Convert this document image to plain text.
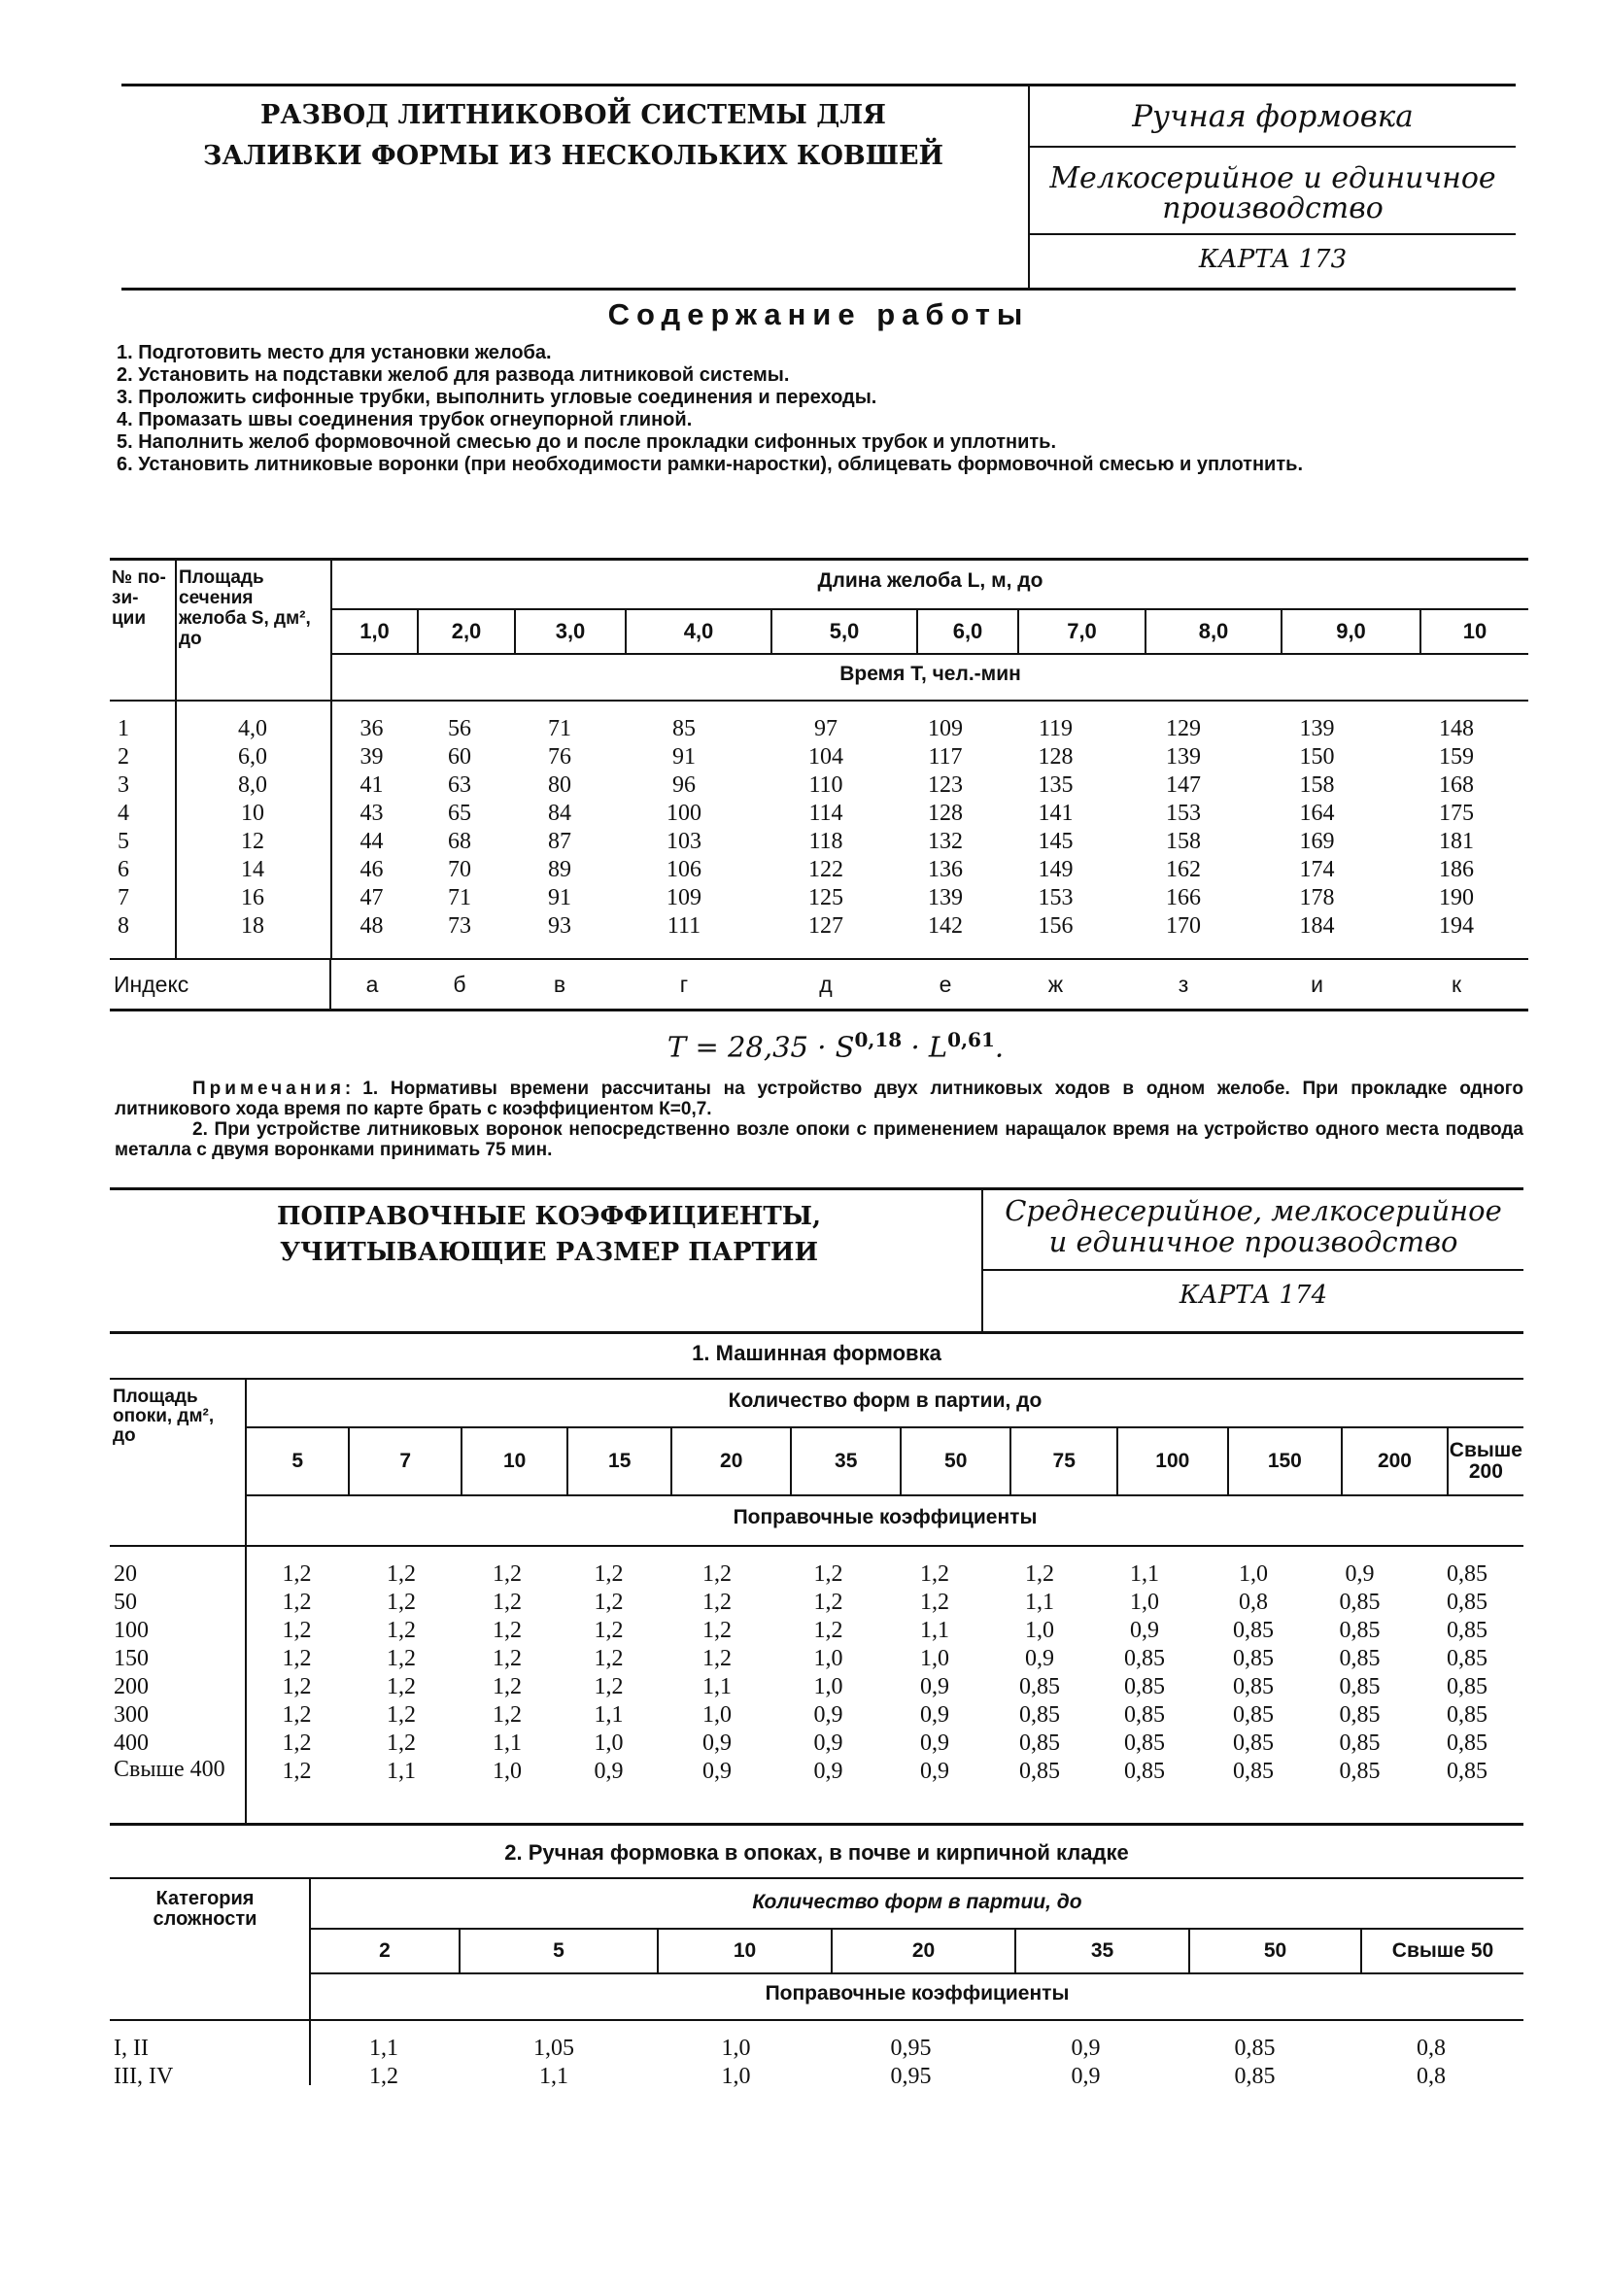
РАЗВОД ЛИТНИКОВОЙ СИСТЕМЫ ДЛЯ
ЗАЛИВКИ ФОРМЫ ИЗ НЕСКОЛЬКИХ КОВШЕЙ
Ручная формовка
Мелкосерийное и единичное производство
КАРТА 173
Содержание работы
1. Подготовить место для установки желоба.
2. Установить на подставки желоб для развода литниковой системы.
3. Проложить сифонные трубки, выполнить угловые соединения и переходы.
4. Промазать швы соединения трубок огнеупорной глиной.
5. Наполнить желоб формовочной смесью до и после прокладки сифонных трубок и уплотнить.
6. Установить литниковые воронки (при необходимости рамки-наростки), облицевать формовочной смесью и уплотнить.
№ по-зи-ции
Площадь сечения желоба S, дм², до
Длина желоба L, м, до
1,0	2,0	3,0	4,0	5,0	6,0	7,0	8,0	9,0	10
Время Т, чел.-мин
1	4,0	36	56	71	85	97	109	119	129	139	148
2	6,0	39	60	76	91	104	117	128	139	150	159
3	8,0	41	63	80	96	110	123	135	147	158	168
4	10	43	65	84	100	114	128	141	153	164	175
5	12	44	68	87	103	118	132	145	158	169	181
6	14	46	70	89	106	122	136	149	162	174	186
7	16	47	71	91	109	125	139	153	166	178	190
8	18	48	73	93	111	127	142	156	170	184	194
Индекс	а	б	в	г	д	е	ж	з	и	к
T = 28,35 · S$^{0,18}$ · L$^{0,61}$.
Примечания: 1. Нормативы времени рассчитаны на устройство двух литниковых ходов в одном желобе. При прокладке одного литникового хода время по карте брать с коэффициентом К=0,7.
2. При устройстве литниковых воронок непосредственно возле опоки с применением наращалок время на устройство одного места подвода металла с двумя воронками принимать 75 мин.
ПОПРАВОЧНЫЕ КОЭФФИЦИЕНТЫ,
УЧИТЫВАЮЩИЕ РАЗМЕР ПАРТИИ
Среднесерийное, мелкосерийное
и единичное производство
КАРТА 174
1. Машинная формовка
Площадь опоки, дм², до
Количество форм в партии, до
5	7	10	15	20	35	50	75	100	150	200	Свыше 200
Поправочные коэффициенты
20	1,2	1,2	1,2	1,2	1,2	1,2	1,2	1,2	1,1	1,0	0,9	0,85
50	1,2	1,2	1,2	1,2	1,2	1,2	1,2	1,1	1,0	0,8	0,85	0,85
100	1,2	1,2	1,2	1,2	1,2	1,2	1,1	1,0	0,9	0,85	0,85	0,85
150	1,2	1,2	1,2	1,2	1,2	1,0	1,0	0,9	0,85	0,85	0,85	0,85
200	1,2	1,2	1,2	1,2	1,1	1,0	0,9	0,85	0,85	0,85	0,85	0,85
300	1,2	1,2	1,2	1,1	1,0	0,9	0,9	0,85	0,85	0,85	0,85	0,85
400	1,2	1,2	1,1	1,0	0,9	0,9	0,9	0,85	0,85	0,85	0,85	0,85
Свыше 400	1,2	1,1	1,0	0,9	0,9	0,9	0,9	0,85	0,85	0,85	0,85	0,85
2. Ручная формовка в опоках, в почве и кирпичной кладке
Категория сложности
Количество форм в партии, до
2	5	10	20	35	50	Свыше 50
Поправочные коэффициенты
I, II	1,1	1,05	1,0	0,95	0,9	0,85	0,8
III, IV	1,2	1,1	1,0	0,95	0,9	0,85	0,8
